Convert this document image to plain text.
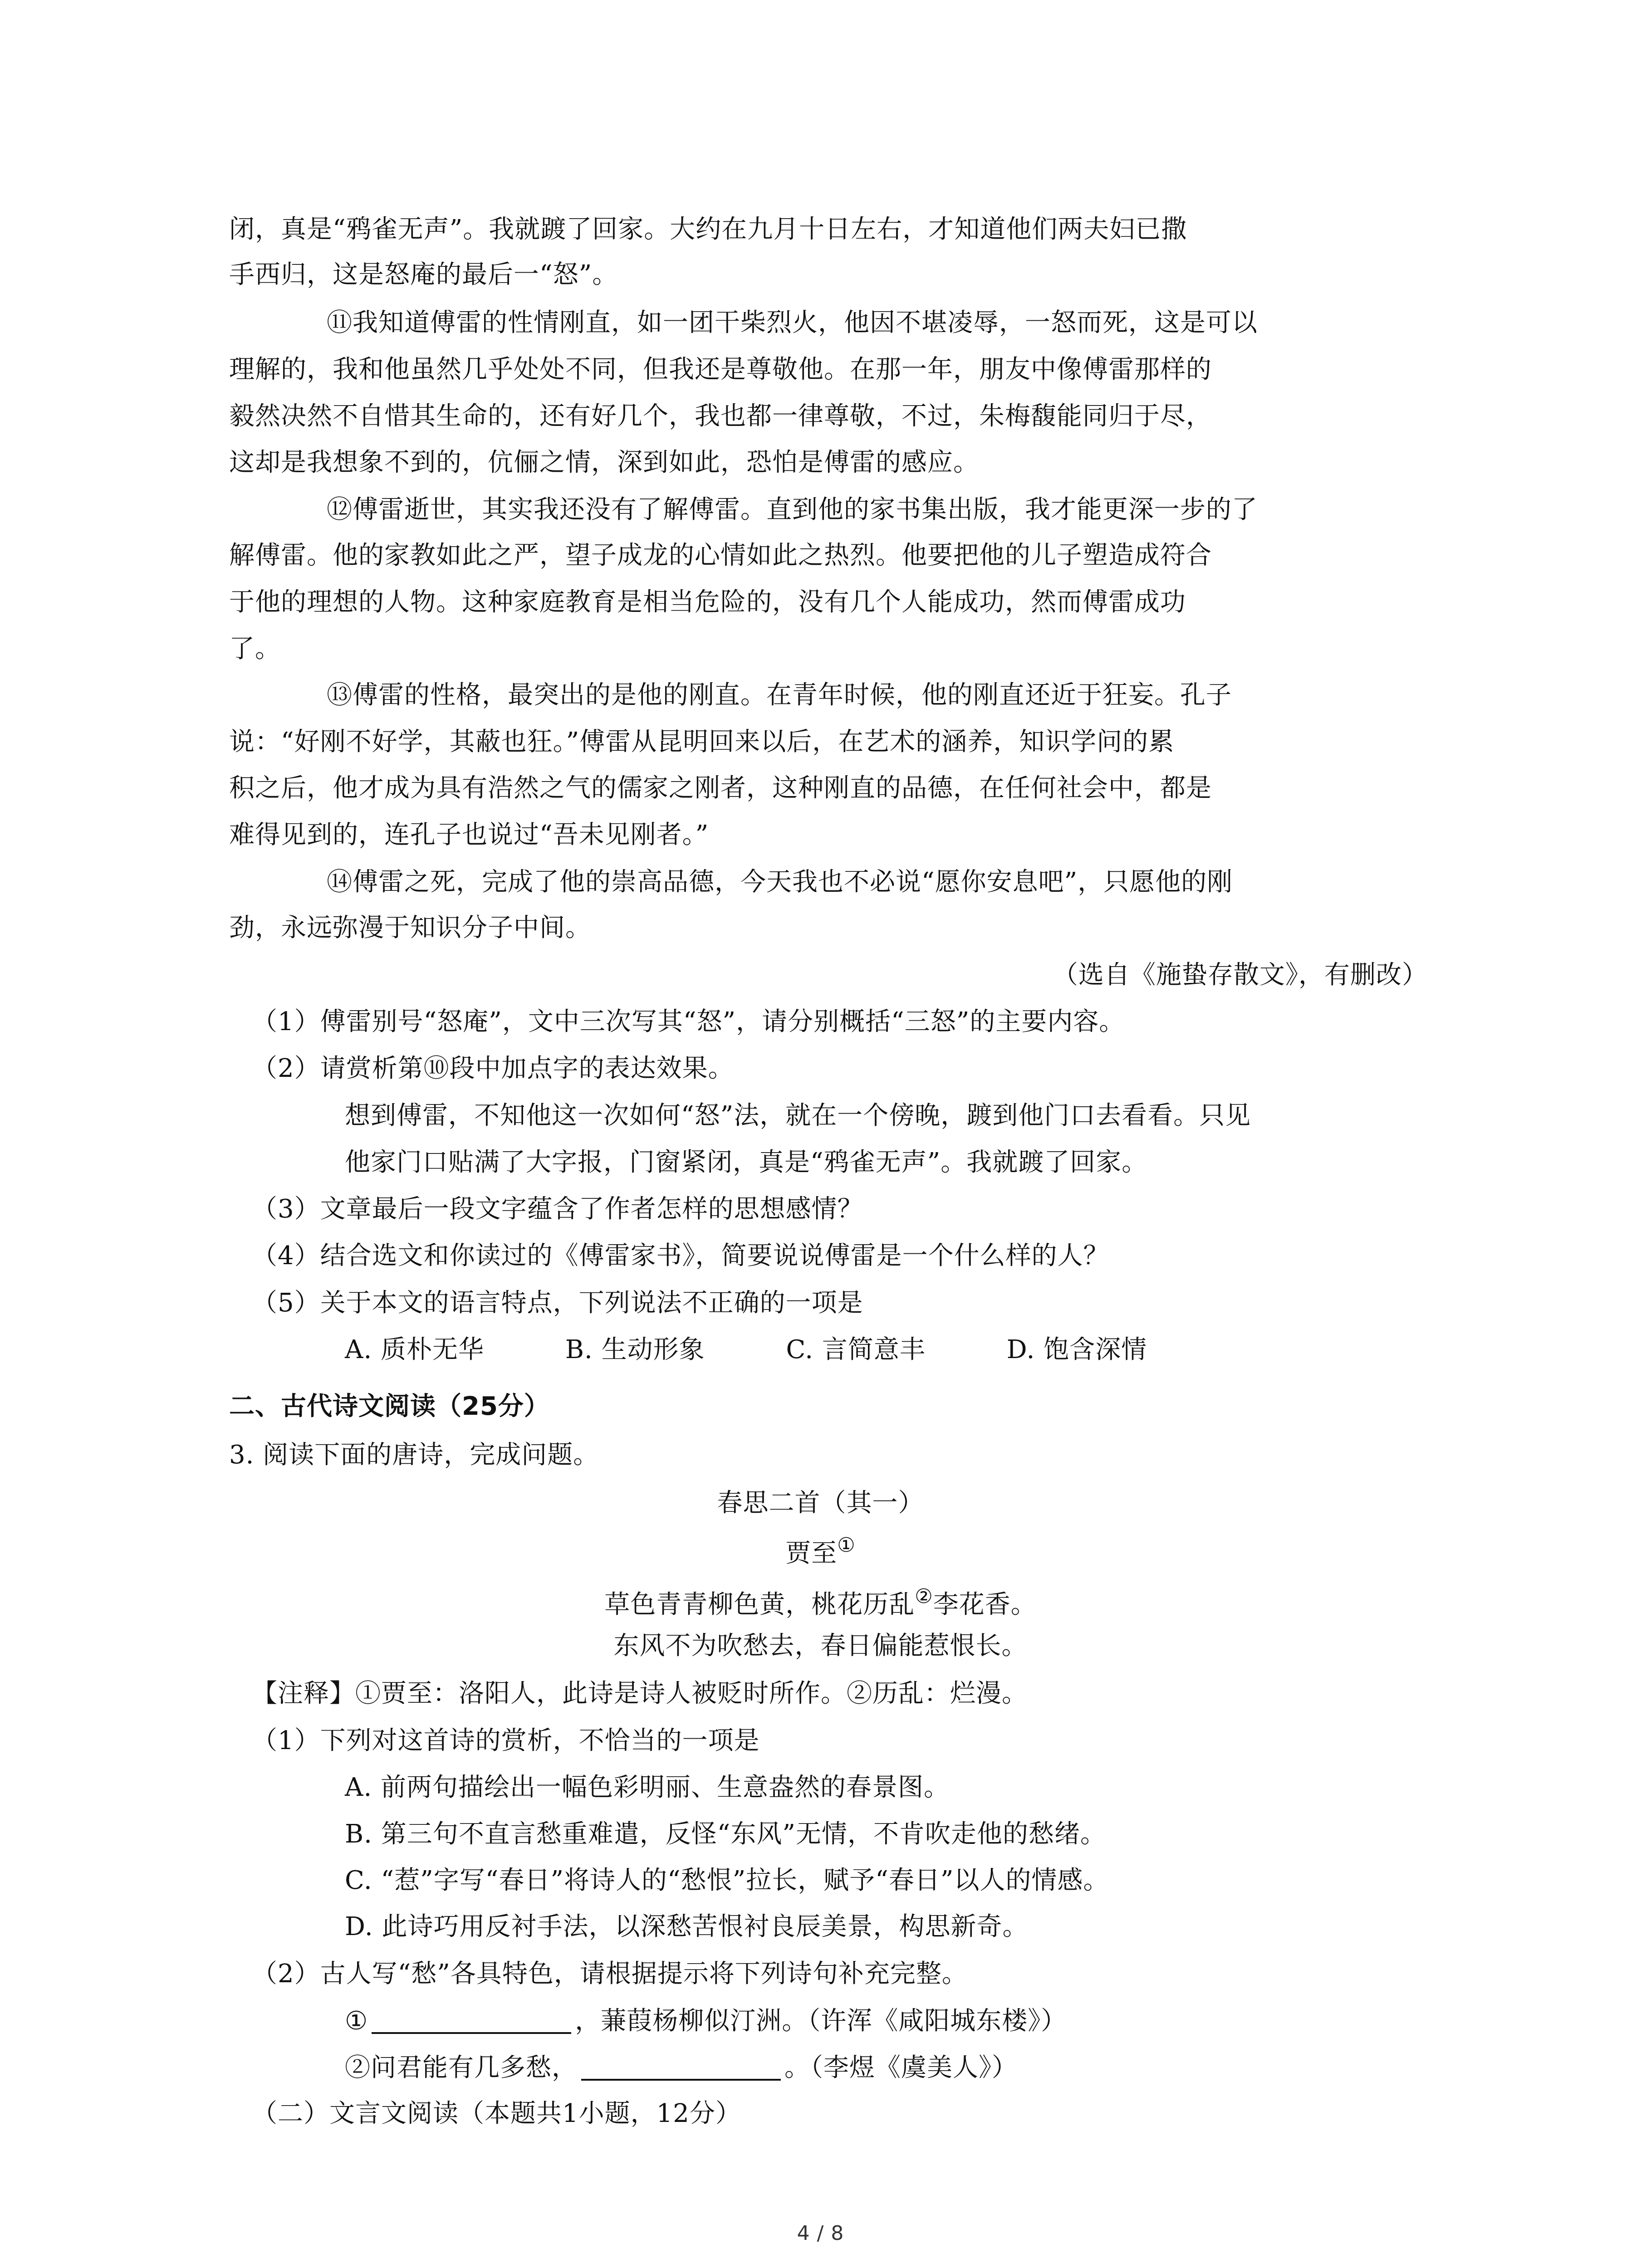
闭，真是“鸦雀无声”。我就踱了回家。大约在九月十日左右，才知道他们两夫妇已撒
手西归，这是怒庵的最后一“怒”。
⑪我知道傅雷的性情刚直，如一团干柴烈火，他因不堪凌辱，一怒而死，这是可以
理解的，我和他虽然几乎处处不同，但我还是尊敬他。在那一年，朋友中像傅雷那样的
毅然决然不自惜其生命的，还有好几个，我也都一律尊敬，不过，朱梅馥能同归于尽，
这却是我想象不到的，伉俪之情，深到如此，恐怕是傅雷的感应。
⑫傅雷逝世，其实我还没有了解傅雷。直到他的家书集出版，我才能更深一步的了
解傅雷。他的家教如此之严，望子成龙的心情如此之热烈。他要把他的儿子塑造成符合
于他的理想的人物。这种家庭教育是相当危险的，没有几个人能成功，然而傅雷成功
了。
⑬傅雷的性格，最突出的是他的刚直。在青年时候，他的刚直还近于狂妄。孔子
说：“好刚不好学，其蔽也狂。”傅雷从昆明回来以后，在艺术的涵养，知识学问的累
积之后，他才成为具有浩然之气的儒家之刚者，这种刚直的品德，在任何社会中，都是
难得见到的，连孔子也说过“吾未见刚者。”
⑭傅雷之死，完成了他的崇高品德，今天我也不必说“愿你安息吧”，只愿他的刚
劲，永远弥漫于知识分子中间。
（选自《施蛰存散文》，有删改）
（1）傅雷别号“怒庵”，文中三次写其“怒”，请分别概括“三怒”的主要内容。
（2）请赏析第⑩段中加点字的表达效果。
想到傅雷，不知他这一次如何“怒”法，就在一个傍晚，踱到他门口去看看。只见
他家门口贴满了大字报，门窗紧闭，真是“鸦雀无声”。我就踱了回家。
（3）文章最后一段文字蕴含了作者怎样的思想感情？
（4）结合选文和你读过的《傅雷家书》，简要说说傅雷是一个什么样的人？
（5）关于本文的语言特点，下列说法不正确的一项是
A. 质朴无华	B. 生动形象	C. 言简意丰	D. 饱含深情
二、古代诗文阅读（25分）
3. 阅读下面的唐诗，完成问题。
春思二首（其一）
贾至①
草色青青柳色黄，桃花历乱②李花香。
东风不为吹愁去，春日偏能惹恨长。
【注释】①贾至：洛阳人，此诗是诗人被贬时所作。②历乱：烂漫。
（1）下列对这首诗的赏析，不恰当的一项是
A. 前两句描绘出一幅色彩明丽、生意盎然的春景图。
B. 第三句不直言愁重难遣，反怪“东风”无情，不肯吹走他的愁绪。
C. “惹”字写“春日”将诗人的“愁恨”拉长，赋予“春日”以人的情感。
D. 此诗巧用反衬手法，以深愁苦恨衬良辰美景，构思新奇。
（2）古人写“愁”各具特色，请根据提示将下列诗句补充完整。
①	，蒹葭杨柳似汀洲。（许浑《咸阳城东楼》）
②问君能有几多愁，	。（李煜《虞美人》）
（二）文言文阅读（本题共1小题，12分）
4 / 8
